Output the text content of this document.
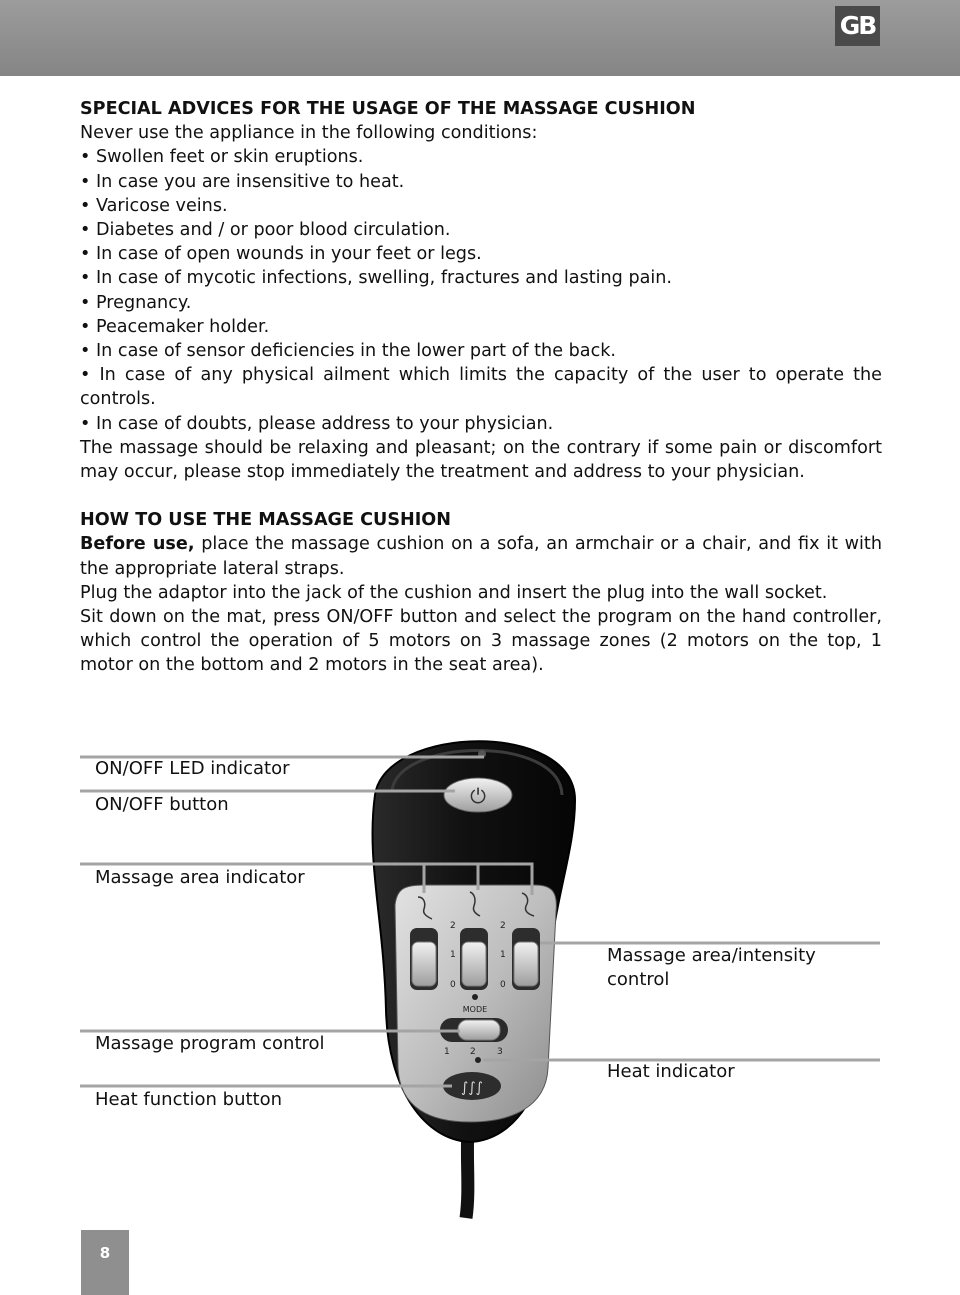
GB

SPECIAL ADVICES FOR THE USAGE OF THE MASSAGE CUSHION

Never use the appliance in the following conditions:

• Swollen feet or skin eruptions.

• In case you are insensitive to heat.

• Varicose veins.

• Diabetes and / or poor blood circulation.

• In case of open wounds in your feet or legs.

• In case of mycotic infections, swelling, fractures and lasting pain.

• Pregnancy.

• Peacemaker holder.

• In case of sensor deficiencies in the lower part of the back.

• In case of any physical ailment which limits the capacity of the user to operate the controls.

• In case of doubts, please address to your physician.

The massage should be relaxing and pleasant; on the contrary if some pain or discomfort may occur, please stop immediately the treatment and address to your physician.

HOW TO USE THE MASSAGE CUSHION

Before use, place the massage cushion on a sofa, an armchair or a chair, and fix it with the appropriate lateral straps.

Plug the adaptor into the jack of the cushion and insert the plug into the wall socket.

Sit down on the mat, press ON/OFF button and select the program on the hand controller, which control the operation of 5 motors on 3 massage zones (2 motors on the top, 1 motor on the bottom and 2 motors in the seat area).

⏻
2
1
0
2
1
0
MODE
1 2 3
∫∫∫
ON/OFF LED indicator
ON/OFF button
Massage area indicator
Massage area/intensity control
Massage program control
Heat indicator
Heat function button
8
